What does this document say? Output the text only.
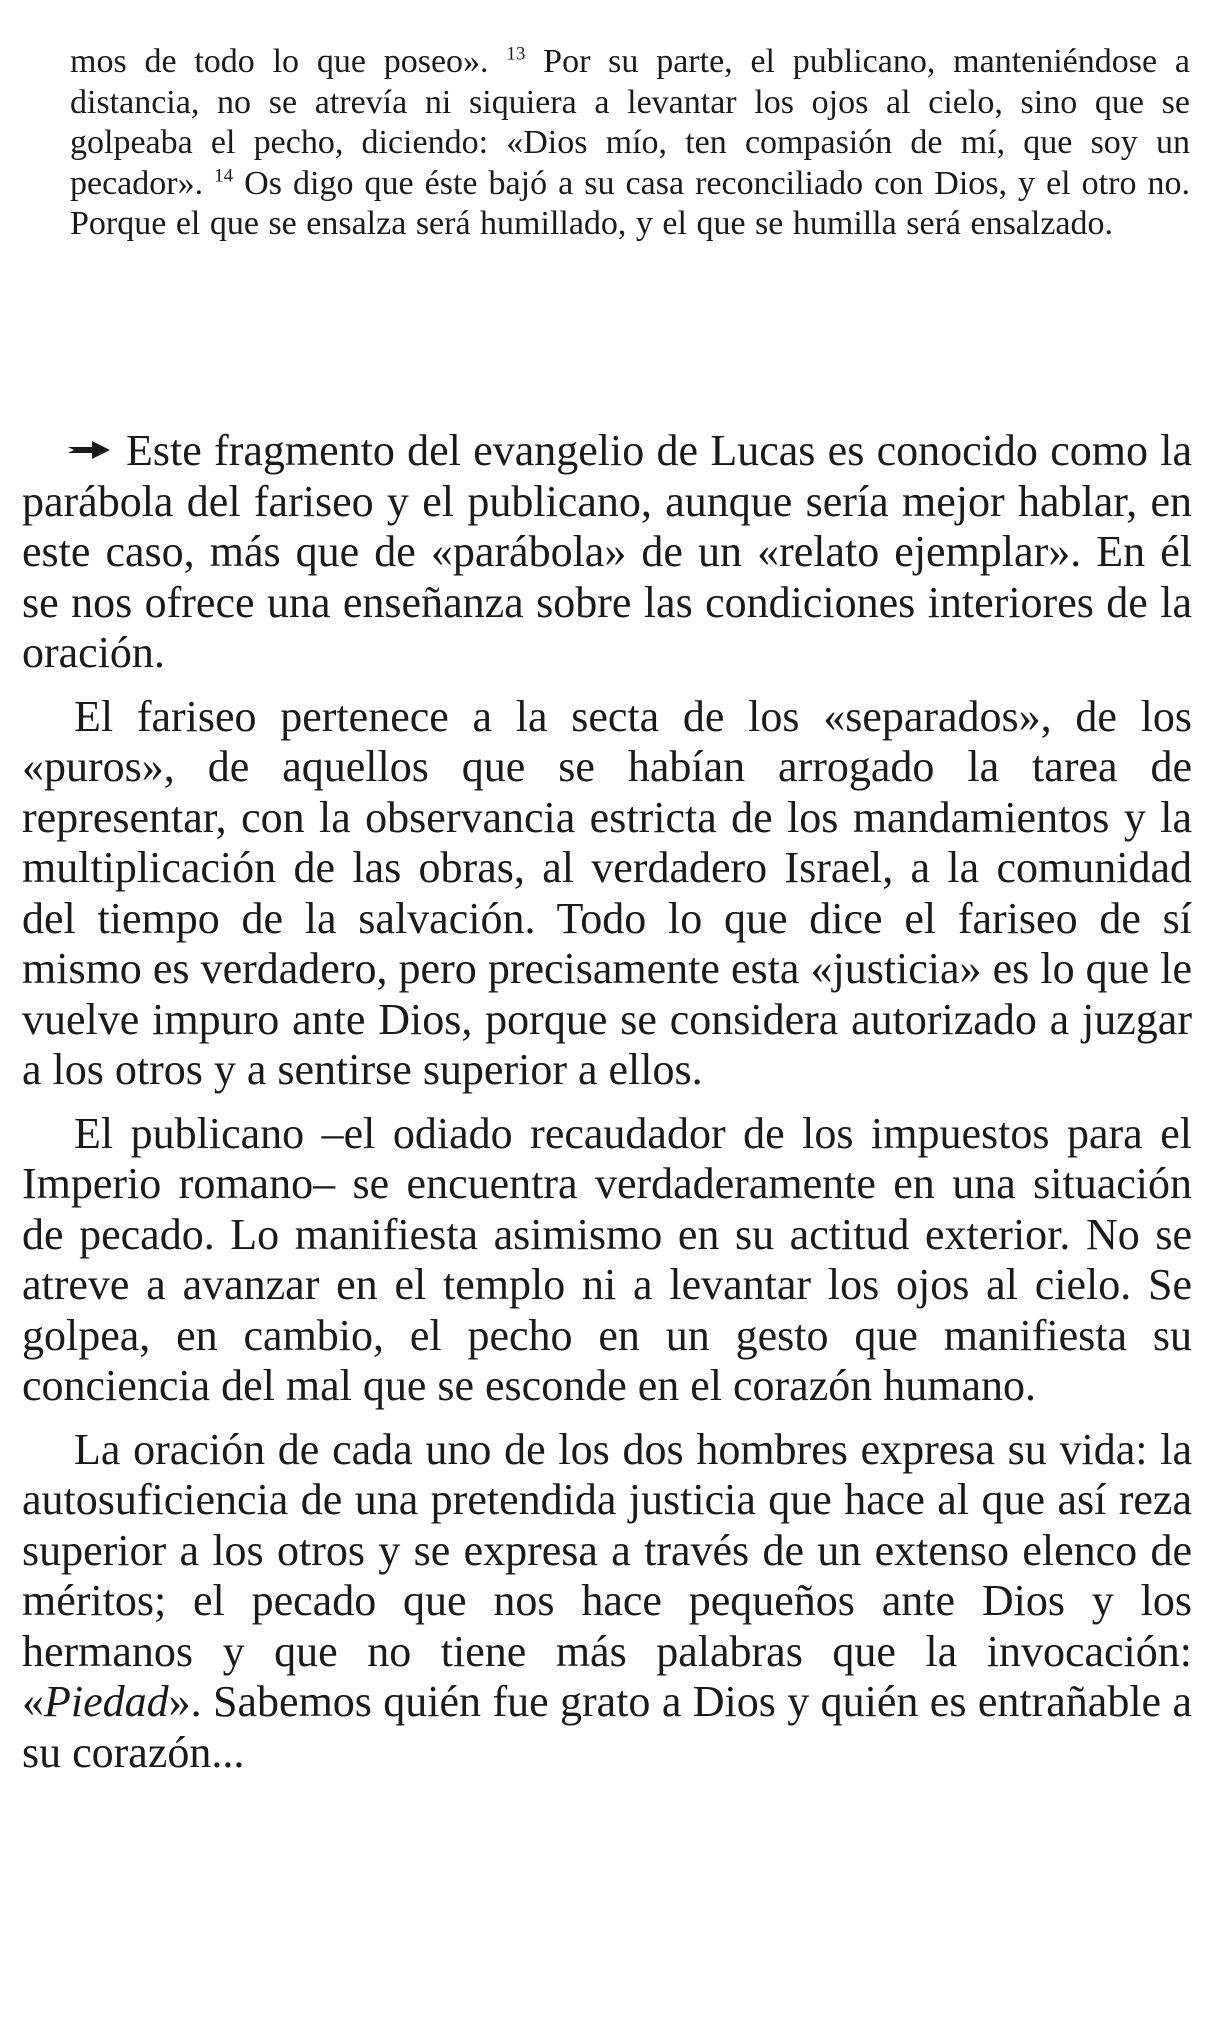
mos de todo lo que poseo». $^{13}$ Por su parte, el publicano, manteniéndose a distancia, no se atrevía ni siquiera a levantar los ojos al cielo, sino que se golpeaba el pecho, diciendo: «Dios mío, ten compasión de mí, que soy un pecador». $^{14}$ Os digo que éste bajó a su casa reconciliado con Dios, y el otro no. Porque el que se ensalza será humillado, y el que se humilla será ensalzado.

Este fragmento del evangelio de Lucas es conocido como la parábola del fariseo y el publicano, aunque sería mejor hablar, en este caso, más que de «parábola» de un «relato ejemplar». En él se nos ofrece una enseñanza sobre las condiciones interiores de la oración.

El fariseo pertenece a la secta de los «separados», de los «puros», de aquellos que se habían arrogado la tarea de representar, con la observancia estricta de los mandamientos y la multiplicación de las obras, al verdadero Israel, a la comunidad del tiempo de la salvación. Todo lo que dice el fariseo de sí mismo es verdadero, pero precisamente esta «justicia» es lo que le vuelve impuro ante Dios, porque se considera autorizado a juzgar a los otros y a sentirse superior a ellos.

El publicano –el odiado recaudador de los impuestos para el Imperio romano– se encuentra verdaderamente en una situación de pecado. Lo manifiesta asimismo en su actitud exterior. No se atreve a avanzar en el templo ni a levantar los ojos al cielo. Se golpea, en cambio, el pecho en un gesto que manifiesta su conciencia del mal que se esconde en el corazón humano.

La oración de cada uno de los dos hombres expresa su vida: la autosuficiencia de una pretendida justicia que hace al que así reza superior a los otros y se expresa a través de un extenso elenco de méritos; el pecado que nos hace pequeños ante Dios y los hermanos y que no tiene más palabras que la invocación: «Piedad». Sabemos quién fue grato a Dios y quién es entrañable a su corazón...
